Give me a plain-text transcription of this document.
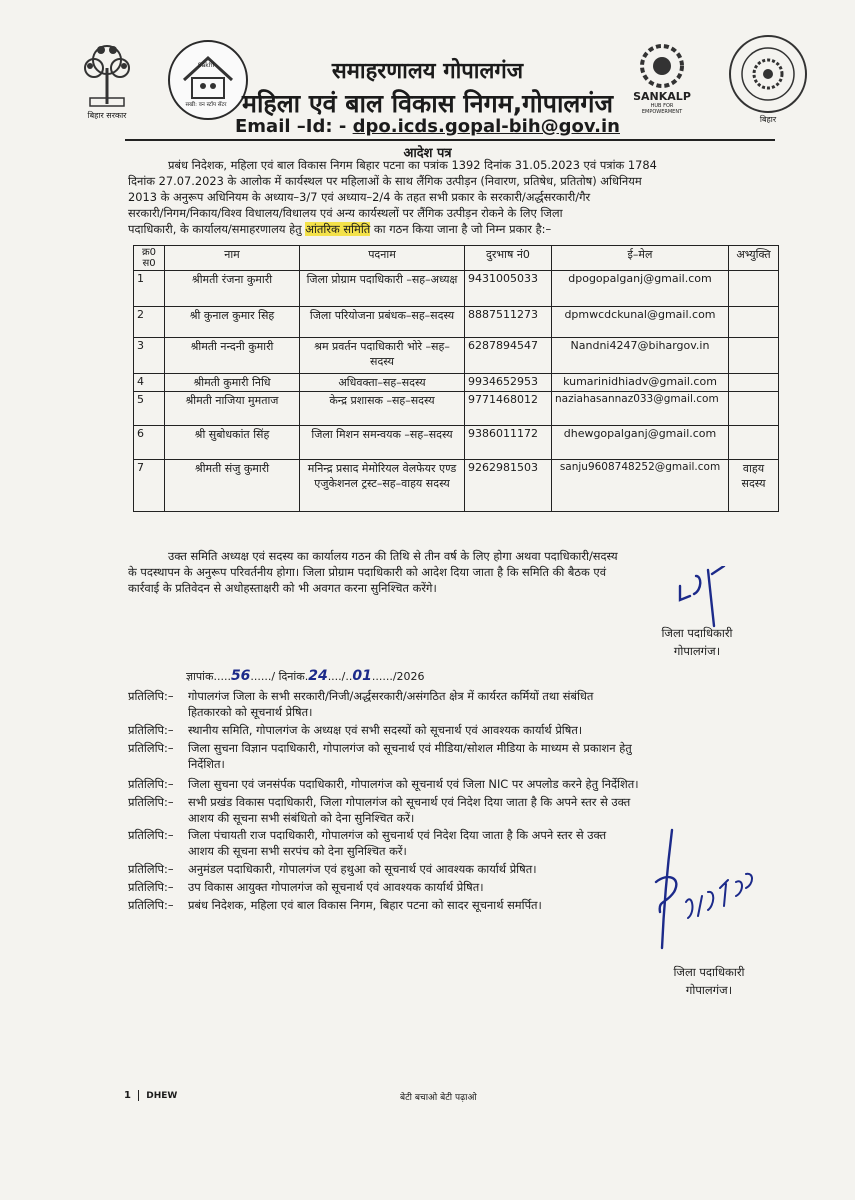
बिहार सरकार
Sakhi
सखी: वन स्टॉप सेंटर
SANKALP
HUB FOR EMPOWERMENT
बिहार
समाहरणालय गोपालगंज
महिला एवं बाल विकास निगम,गोपालगंज
Email –Id: - dpo.icds.gopal-bih@gov.in
आदेश पत्र

प्रबंध निदेशक, महिला एवं बाल विकास निगम बिहार पटना का पत्रांक 1392 दिनांक 31.05.2023 एवं पत्रांक 1784

दिनांक 27.07.2023 के आलोक में कार्यस्थल पर महिलाओं के साथ लैंगिक उत्पीड़न (निवारण, प्रतिषेध, प्रतितोष) अधिनियम

2013 के अनुरूप अधिनियम के अध्याय–3/7 एवं अध्याय–2/4 के तहत सभी प्रकार के सरकारी/अर्द्धसरकारी/गैर

सरकारी/निगम/निकाय/विश्व विधालय/विधालय एवं अन्य कार्यस्थलों पर लैंगिक उत्पीड़न रोकने के लिए जिला

पदाधिकारी, के कार्यालय/समाहरणालय हेतु आंतरिक समिति का गठन किया जाना है जो निम्न प्रकार है:–

क्र0 स0	नाम	पदनाम	दुरभाष नं0	ई–मेल	अभ्युक्ति
1	श्रीमती रंजना कुमारी	जिला प्रोग्राम पदाधिकारी –सह–अध्यक्ष	9431005033	dpogopalganj@gmail.com	
2	श्री कुनाल कुमार सिह	जिला परियोजना प्रबंधक–सह–सदस्य	8887511273	dpmwcdckunal@gmail.com	
3	श्रीमती नन्दनी कुमारी	श्रम प्रवर्तन पदाधिकारी भोरे –सह–सदस्य	6287894547	Nandni4247@bihargov.in	
4	श्रीमती कुमारी निधि	अधिवक्ता–सह–सदस्य	9934652953	kumarinidhiadv@gmail.com	
5	श्रीमती नाजिया मुमताज	केन्द्र प्रशासक –सह–सदस्य	9771468012	naziahasannaz033@gmail.com	
6	श्री सुबोधकांत सिंह	जिला मिशन समन्वयक –सह–सदस्य	9386011172	dhewgopalganj@gmail.com	
7	श्रीमती संजु कुमारी	मनिन्द्र प्रसाद मेमोरियल वेलफेयर एण्ड एजुकेशनल ट्रस्ट–सह–वाहय सदस्य	9262981503	sanju9608748252@gmail.com	वाहय सदस्य

उक्त समिति अध्यक्ष एवं सदस्य का कार्यालय गठन की तिथि से तीन वर्ष के लिए होगा अथवा पदाधिकारी/सदस्य

के पदस्थापन के अनुरूप परिवर्तनीय होगा। जिला प्रोग्राम पदाधिकारी को आदेश दिया जाता है कि समिति की बैठक एवं

कार्रवाई के प्रतिवेदन से अधोहस्ताक्षरी को भी अवगत करना सुनिश्चित करेंगे।

जिला पदाधिकारी
गोपालगंज।
ज्ञापांक.....56....../ दिनांक.24..../..01....../2026
प्रतिलिपि:– गोपालगंज जिला के सभी सरकारी/निजी/अर्द्धसरकारी/असंगठित क्षेत्र में कार्यरत कर्मियों तथा संबंधित
हितकारको को सूचनार्थ प्रेषित।
प्रतिलिपि:– स्थानीय समिति, गोपालगंज के अध्यक्ष एवं सभी सदस्यों को सूचनार्थ एवं आवश्यक कार्यार्थ प्रेषित।
प्रतिलिपि:– जिला सुचना विज्ञान पदाधिकारी, गोपालगंज को सूचनार्थ एवं मीडिया/सोशल मीडिया के माध्यम से प्रकाशन हेतु
निर्देशित।
प्रतिलिपि:– जिला सुचना एवं जनसंर्पक पदाधिकारी, गोपालगंज को सूचनार्थ एवं जिला NIC पर अपलोड करने हेतु निर्देशित।
प्रतिलिपि:– सभी प्रखंड विकास पदाधिकारी, जिला गोपालगंज को सूचनार्थ एवं निदेश दिया जाता है कि अपने स्तर से उक्त
आशय की सूचना सभी संबंधितो को देना सुनिश्चित करें।
प्रतिलिपि:– जिला पंचायती राज पदाधिकारी, गोपालगंज को सुचनार्थ एवं निदेश दिया जाता है कि अपने स्तर से उक्त
आशय की सूचना सभी सरपंच को देना सुनिश्चित करें।
प्रतिलिपि:– अनुमंडल पदाधिकारी, गोपालगंज एवं हथुआ को सूचनार्थ एवं आवश्यक कार्यार्थ प्रेषित।
प्रतिलिपि:– उप विकास आयुक्त गोपालगंज को सूचनार्थ एवं आवश्यक कार्यार्थ प्रेषित।
प्रतिलिपि:– प्रबंध निदेशक, महिला एवं बाल विकास निगम, बिहार पटना को सादर सूचनार्थ समर्पित।
जिला पदाधिकारी
गोपालगंज।
1 DHEW	बेटी बचाओ बेटी पढ़ाओ
